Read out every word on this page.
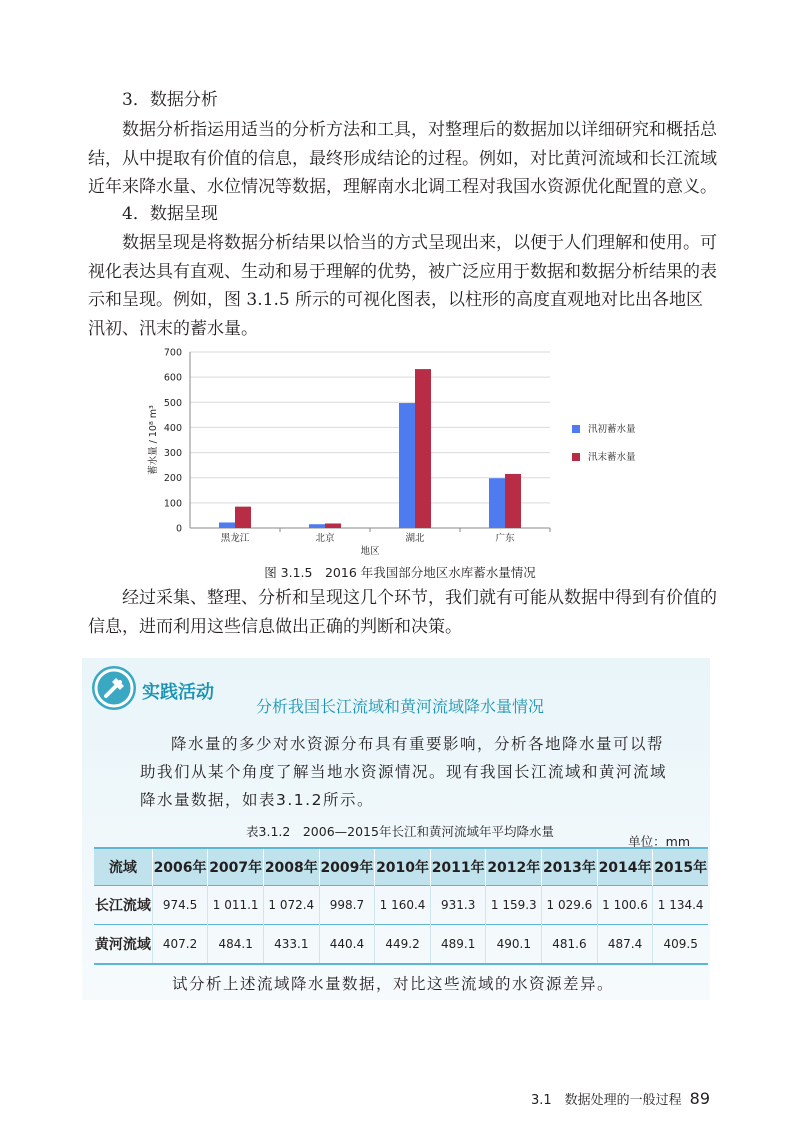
3．数据分析

数据分析指运用适当的分析方法和工具，对整理后的数据加以详细研究和概括总结，从中提取有价值的信息，最终形成结论的过程。例如，对比黄河流域和长江流域近年来降水量、水位情况等数据，理解南水北调工程对我国水资源优化配置的意义。

4．数据呈现

数据呈现是将数据分析结果以恰当的方式呈现出来，以便于人们理解和使用。可视化表达具有直观、生动和易于理解的优势，被广泛应用于数据和数据分析结果的表示和呈现。例如，图 3.1.5 所示的可视化图表，以柱形的高度直观地对比出各地区汛初、汛末的蓄水量。

0
100
200
300
400
500
600
700
黑龙江	北京	湖北	广东
地区
蓄水量 / 10⁸ m³	汛初蓄水量
汛末蓄水量
图 3.1.5　2016 年我国部分地区水库蓄水量情况

经过采集、整理、分析和呈现这几个环节，我们就有可能从数据中得到有价值的信息，进而利用这些信息做出正确的判断和决策。

实践活动
分析我国长江流域和黄河流域降水量情况

降水量的多少对水资源分布具有重要影响，分析各地降水量可以帮助我们从某个角度了解当地水资源情况。现有我国长江流域和黄河流域降水量数据，如表3.1.2所示。

表3.1.2　2006—2015年长江和黄河流域年平均降水量
单位：mm
流域	2006年	2007年	2008年	2009年	2010年	2011年	2012年	2013年	2014年	2015年
长江流域	974.5	1 011.1	1 072.4	998.7	1 160.4	931.3	1 159.3	1 029.6	1 100.6	1 134.4
黄河流域	407.2	484.1	433.1	440.4	449.2	489.1	490.1	481.6	487.4	409.5

试分析上述流域降水量数据，对比这些流域的水资源差异。

3.1　数据处理的一般过程 89
